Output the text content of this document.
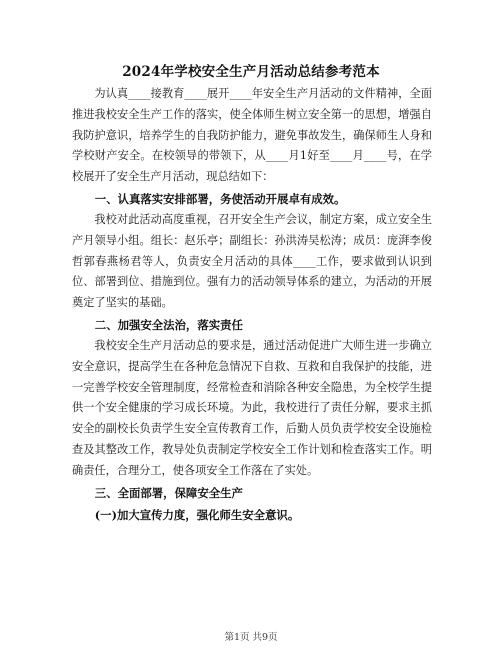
2024年学校安全生产月活动总结参考范本

为认真____接教育____展开____年安全生产月活动的文件精神，全面推进我校安全生产工作的落实，使全体师生树立安全第一的思想，增强自我防护意识，培养学生的自我防护能力，避免事故发生，确保师生人身和学校财产安全。在校领导的带领下，从____月1好至____月____号，在学校展开了安全生产月活动，现总结如下：

一、认真落实安排部署，务使活动开展卓有成效。

我校对此活动高度重视，召开安全生产会议，制定方案，成立安全生产月领导小组。组长：赵乐亭；副组长：孙洪涛吴松涛；成员：庞湃李俊哲郭春燕杨君等人，负责安全月活动的具体____工作，要求做到认识到位、部署到位、措施到位。强有力的活动领导体系的建立，为活动的开展奠定了坚实的基础。

二、加强安全法治，落实责任

我校安全生产月活动总的要求是，通过活动促进广大师生进一步确立安全意识，提高学生在各种危急情况下自救、互救和自我保护的技能，进一完善学校安全管理制度，经常检查和消除各种安全隐患，为全校学生提供一个安全健康的学习成长环境。为此，我校进行了责任分解，要求主抓安全的副校长负责学生安全宣传教育工作，后勤人员负责学校安全设施检查及其整改工作，教导处负责制定学校安全工作计划和检查落实工作。明确责任，合理分工，使各项安全工作落在了实处。

三、全面部署，保障安全生产
(一)加大宣传力度，强化师生安全意识。
第1页 共9页
